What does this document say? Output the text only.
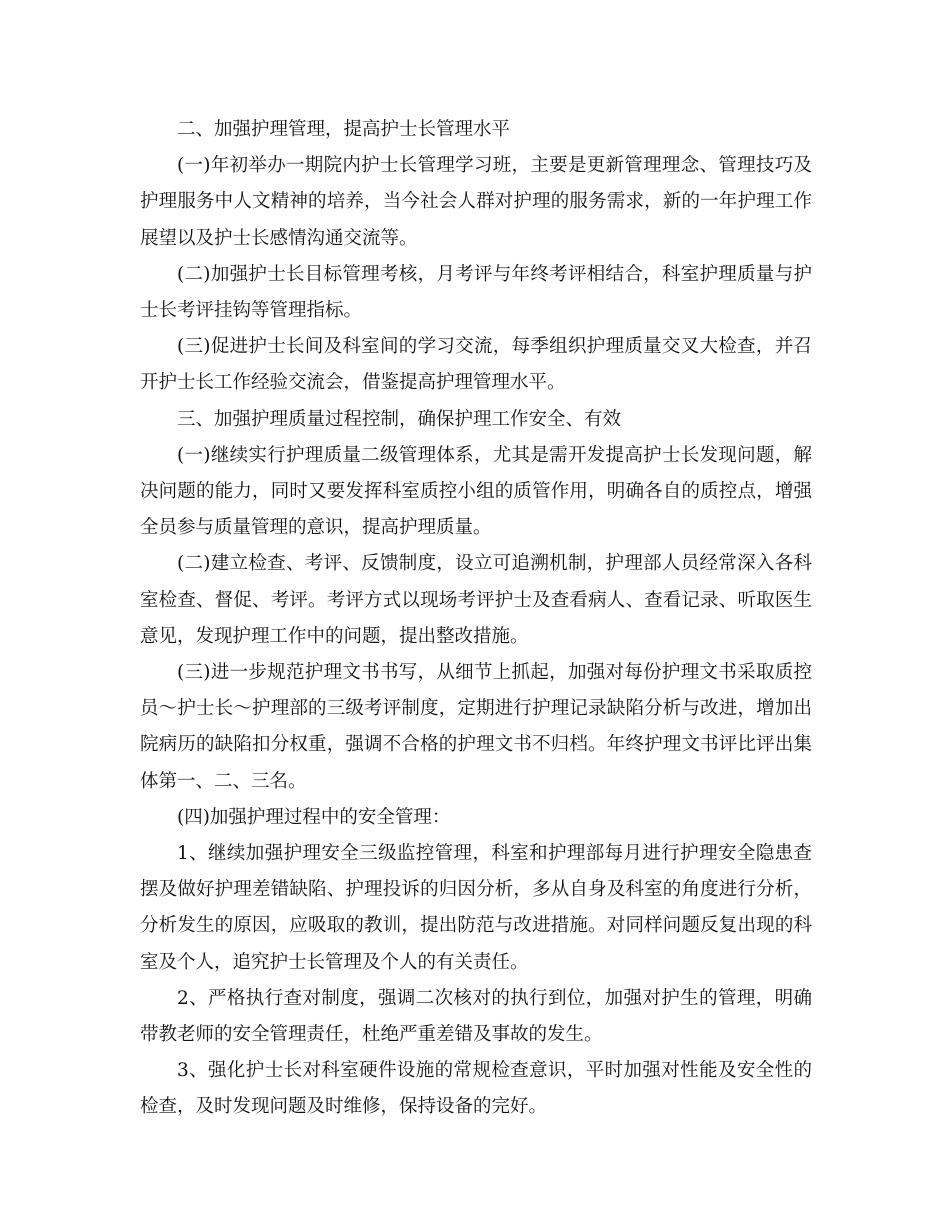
二、加强护理管理，提高护士长管理水平

(一)年初举办一期院内护士长管理学习班，主要是更新管理理念、管理技巧及护理服务中人文精神的培养，当今社会人群对护理的服务需求，新的一年护理工作展望以及护士长感情沟通交流等。

(二)加强护士长目标管理考核，月考评与年终考评相结合，科室护理质量与护士长考评挂钩等管理指标。

(三)促进护士长间及科室间的学习交流，每季组织护理质量交叉大检查，并召开护士长工作经验交流会，借鉴提高护理管理水平。

三、加强护理质量过程控制，确保护理工作安全、有效

(一)继续实行护理质量二级管理体系，尤其是需开发提高护士长发现问题，解决问题的能力，同时又要发挥科室质控小组的质管作用，明确各自的质控点，增强全员参与质量管理的意识，提高护理质量。

(二)建立检查、考评、反馈制度，设立可追溯机制，护理部人员经常深入各科室检查、督促、考评。考评方式以现场考评护士及查看病人、查看记录、听取医生意见，发现护理工作中的问题，提出整改措施。

(三)进一步规范护理文书书写，从细节上抓起，加强对每份护理文书采取质控员～护士长～护理部的三级考评制度，定期进行护理记录缺陷分析与改进，增加出院病历的缺陷扣分权重，强调不合格的护理文书不归档。年终护理文书评比评出集体第一、二、三名。

(四)加强护理过程中的安全管理：

1、继续加强护理安全三级监控管理，科室和护理部每月进行护理安全隐患查摆及做好护理差错缺陷、护理投诉的归因分析，多从自身及科室的角度进行分析，分析发生的原因，应吸取的教训，提出防范与改进措施。对同样问题反复出现的科室及个人，追究护士长管理及个人的有关责任。

2、严格执行查对制度，强调二次核对的执行到位，加强对护生的管理，明确带教老师的安全管理责任，杜绝严重差错及事故的发生。

3、强化护士长对科室硬件设施的常规检查意识，平时加强对性能及安全性的检查，及时发现问题及时维修，保持设备的完好。
